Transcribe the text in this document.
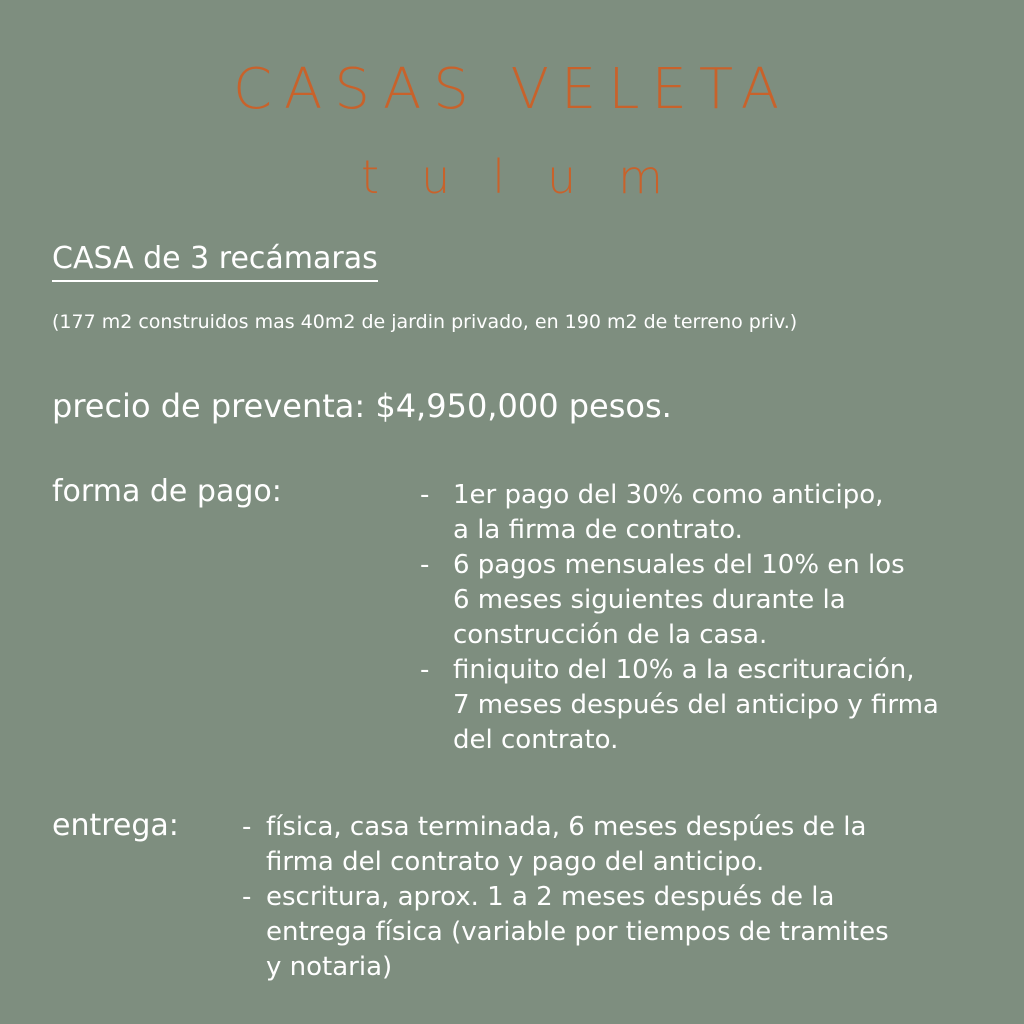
CASAS VELETA
tulum
CASA de 3 recámaras
(177 m2 construidos mas 40m2 de jardin privado, en 190 m2 de terreno priv.)
precio de preventa: $4,950,000 pesos.
forma de pago:	- 1er pago del 30% como anticipo,
a la firma de contrato.
- 6 pagos mensuales del 10% en los
6 meses siguientes durante la
construcción de la casa.
- finiquito del 10% a la escrituración,
7 meses después del anticipo y firma
del contrato.
entrega: - física, casa terminada, 6 meses despúes de la
firma del contrato y pago del anticipo.
- escritura, aprox. 1 a 2 meses después de la
entrega física (variable por tiempos de tramites
y notaria)
